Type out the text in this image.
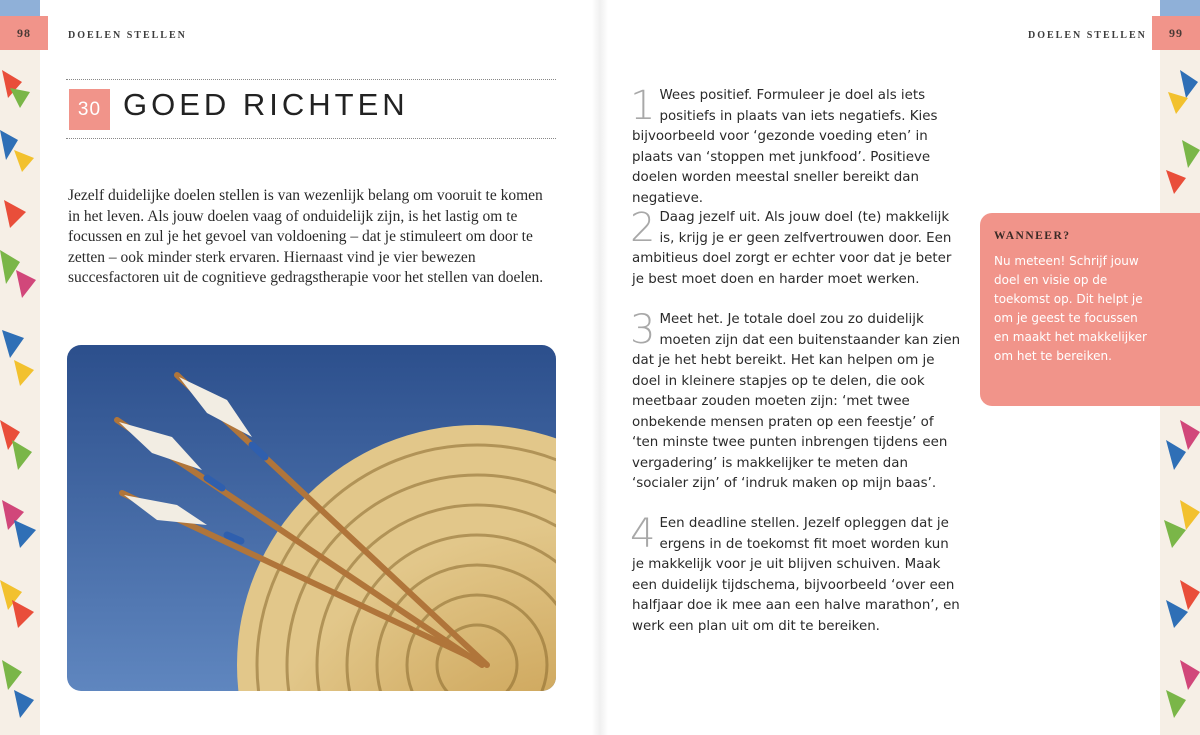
98	99
DOELEN STELLEN	DOELEN STELLEN
30 GOED RICHTEN

Jezelf duidelijke doelen stellen is van wezenlijk belang om vooruit te komen in het leven. Als jouw doelen vaag of onduidelijk zijn, is het lastig om te focussen en zul je het gevoel van voldoening – dat je stimuleert om door te zetten – ook minder sterk ervaren. Hiernaast vind je vier bewezen succesfactoren uit de cognitieve gedragstherapie voor het stellen van doelen.

1 Wees positief. Formuleer je doel als iets positiefs in plaats van iets negatiefs. Kies bijvoorbeeld voor ‘gezonde voeding eten’ in plaats van ‘stoppen met junkfood’. Positieve doelen worden meestal sneller bereikt dan negatieve.

2 Daag jezelf uit. Als jouw doel (te) makkelijk is, krijg je er geen zelfvertrouwen door. Een ambitieus doel zorgt er echter voor dat je beter je best moet doen en harder moet werken.

3 Meet het. Je totale doel zou zo duidelijk moeten zijn dat een buitenstaander kan zien dat je het hebt bereikt. Het kan helpen om je doel in kleinere stapjes op te delen, die ook meetbaar zouden moeten zijn: ‘met twee onbekende mensen praten op een feestje’ of ‘ten minste twee punten inbrengen tijdens een vergadering’ is makkelijker te meten dan ‘socialer zijn’ of ‘indruk maken op mijn baas’.

4 Een deadline stellen. Jezelf opleggen dat je ergens in de toekomst fit moet worden kun je makkelijk voor je uit blijven schuiven. Maak een duidelijk tijdschema, bijvoorbeeld ‘over een halfjaar doe ik mee aan een halve marathon’, en werk een plan uit om dit te bereiken.

WANNEER?

Nu meteen! Schrijf jouw doel en visie op de toekomst op. Dit helpt je om je geest te focussen en maakt het makkelijker om het te bereiken.
